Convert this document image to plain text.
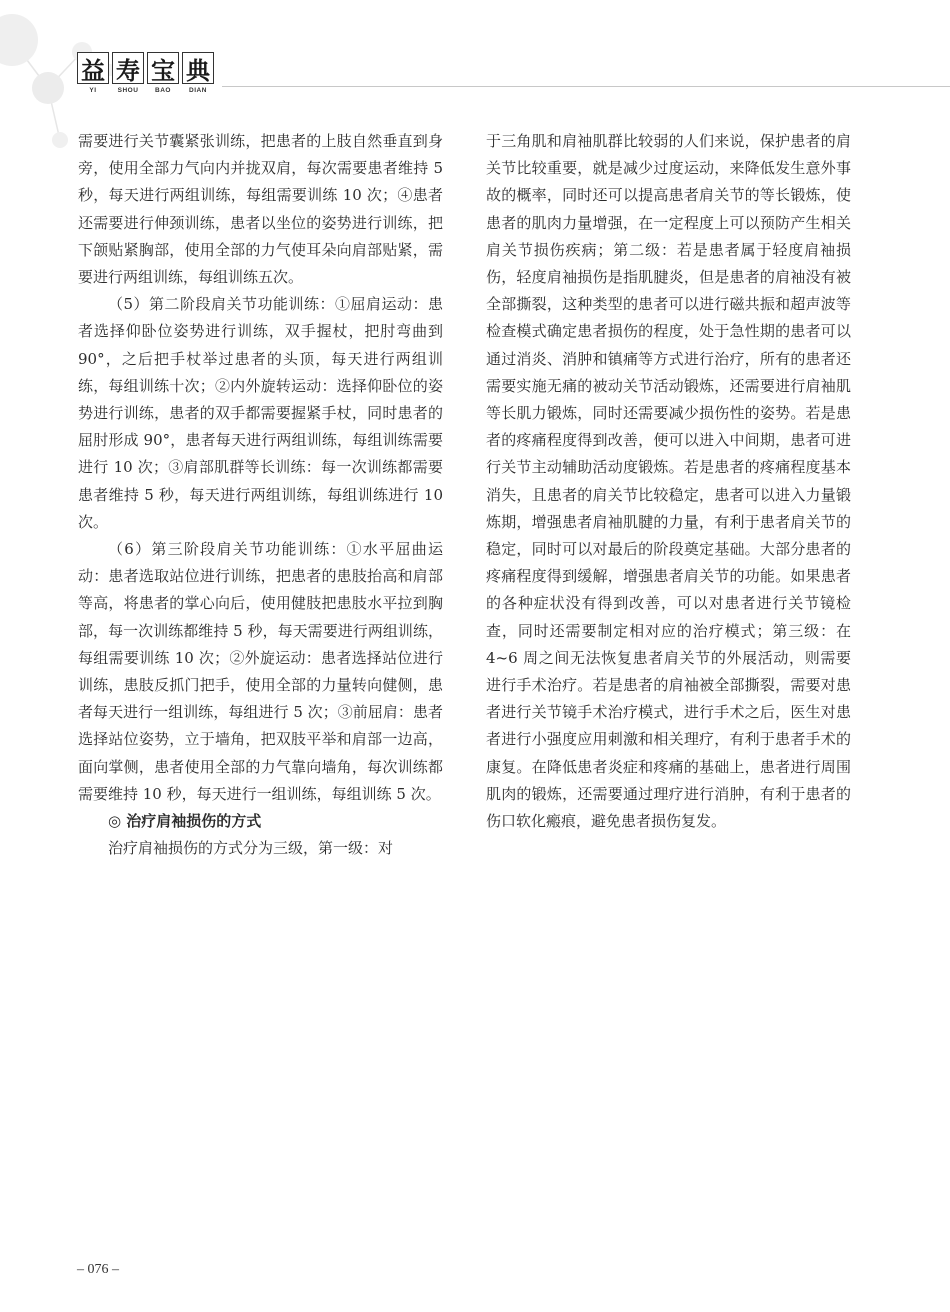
益 寿 宝 典
YI	SHOU	BAO	DIAN

需要进行关节囊紧张训练，把患者的上肢自然垂直到身旁，使用全部力气向内并拢双肩，每次需要患者维持 5 秒，每天进行两组训练，每组需要训练 10 次；④患者还需要进行伸颈训练，患者以坐位的姿势进行训练，把下颌贴紧胸部，使用全部的力气使耳朵向肩部贴紧，需要进行两组训练，每组训练五次。

（5）第二阶段肩关节功能训练：①屈肩运动：患者选择仰卧位姿势进行训练，双手握杖，把肘弯曲到 90°，之后把手杖举过患者的头顶，每天进行两组训练，每组训练十次；②内外旋转运动：选择仰卧位的姿势进行训练，患者的双手都需要握紧手杖，同时患者的屈肘形成 90°，患者每天进行两组训练，每组训练需要进行 10 次；③肩部肌群等长训练：每一次训练都需要患者维持 5 秒，每天进行两组训练，每组训练进行 10 次。

（6）第三阶段肩关节功能训练：①水平屈曲运动：患者选取站位进行训练，把患者的患肢抬高和肩部等高，将患者的掌心向后，使用健肢把患肢水平拉到胸部，每一次训练都维持 5 秒，每天需要进行两组训练，每组需要训练 10 次；②外旋运动：患者选择站位进行训练，患肢反抓门把手，使用全部的力量转向健侧，患者每天进行一组训练，每组进行 5 次；③前屈肩：患者选择站位姿势，立于墙角，把双肢平举和肩部一边高，面向掌侧，患者使用全部的力气靠向墙角，每次训练都需要维持 10 秒，每天进行一组训练，每组训练 5 次。

◎ 治疗肩袖损伤的方式

治疗肩袖损伤的方式分为三级，第一级：对

于三角肌和肩袖肌群比较弱的人们来说，保护患者的肩关节比较重要，就是减少过度运动，来降低发生意外事故的概率，同时还可以提高患者肩关节的等长锻炼，使患者的肌肉力量增强，在一定程度上可以预防产生相关肩关节损伤疾病；第二级：若是患者属于轻度肩袖损伤，轻度肩袖损伤是指肌腱炎，但是患者的肩袖没有被全部撕裂，这种类型的患者可以进行磁共振和超声波等检查模式确定患者损伤的程度，处于急性期的患者可以通过消炎、消肿和镇痛等方式进行治疗，所有的患者还需要实施无痛的被动关节活动锻炼，还需要进行肩袖肌等长肌力锻炼，同时还需要减少损伤性的姿势。若是患者的疼痛程度得到改善，便可以进入中间期，患者可进行关节主动辅助活动度锻炼。若是患者的疼痛程度基本消失，且患者的肩关节比较稳定，患者可以进入力量锻炼期，增强患者肩袖肌腱的力量，有利于患者肩关节的稳定，同时可以对最后的阶段奠定基础。大部分患者的疼痛程度得到缓解，增强患者肩关节的功能。如果患者的各种症状没有得到改善，可以对患者进行关节镜检查，同时还需要制定相对应的治疗模式；第三级：在 4~6 周之间无法恢复患者肩关节的外展活动，则需要进行手术治疗。若是患者的肩袖被全部撕裂，需要对患者进行关节镜手术治疗模式，进行手术之后，医生对患者进行小强度应用刺激和相关理疗，有利于患者手术的康复。在降低患者炎症和疼痛的基础上，患者进行周围肌肉的锻炼，还需要通过理疗进行消肿，有利于患者的伤口软化瘢痕，避免患者损伤复发。

– 076 –
